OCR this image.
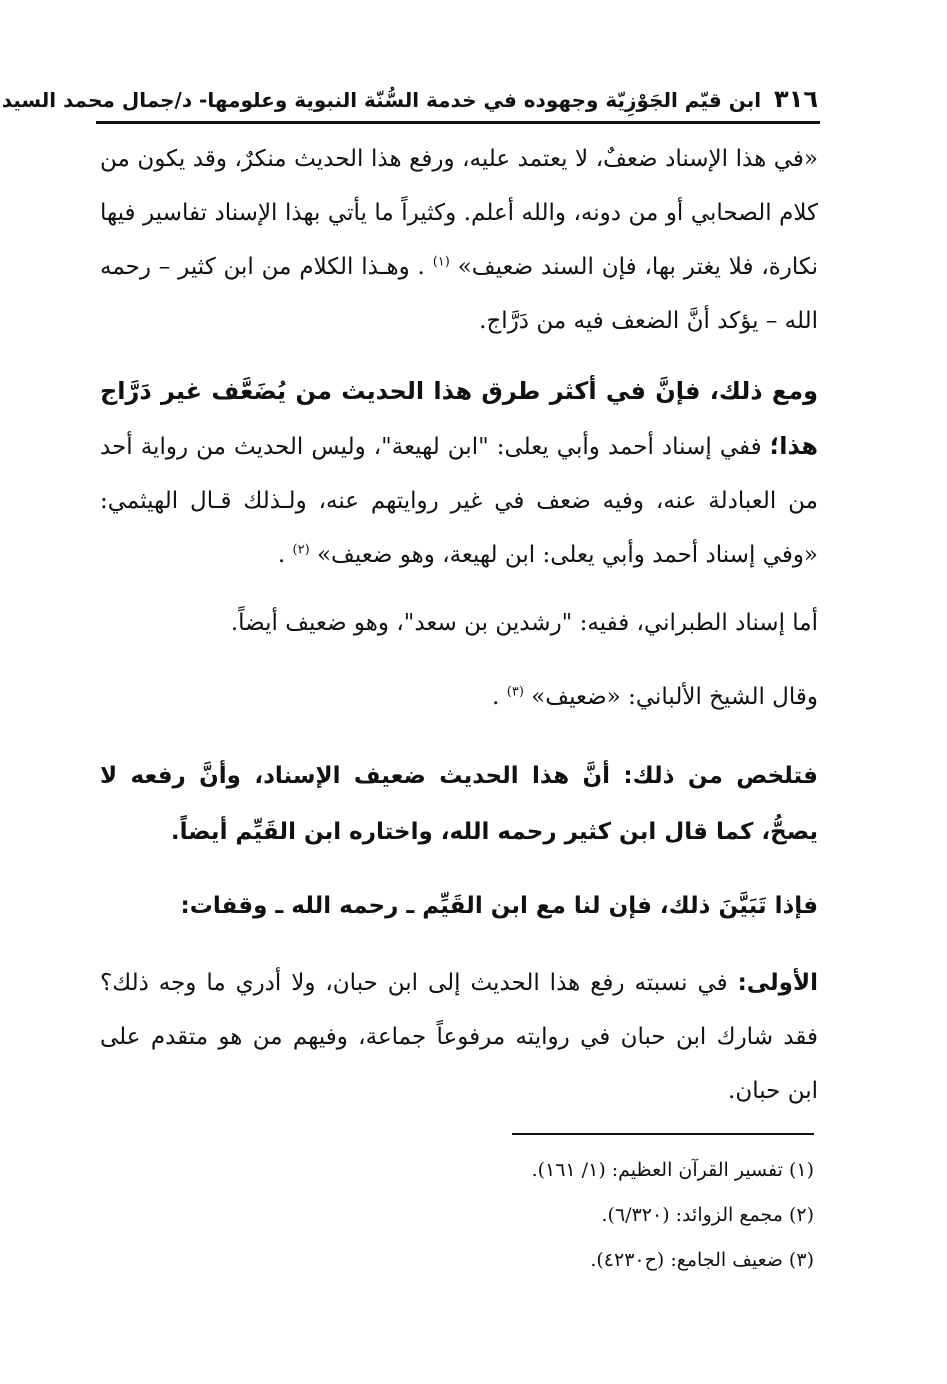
٣١٦ ابن قيّم الجَوْزِيّة وجهوده في خدمة السُّنّة النبوية وعلومها- د/جمال محمد السيد
«في هذا الإسناد ضعفٌ، لا يعتمد عليه، ورفع هذا الحديث منكرٌ، وقد يكون من كلام الصحابي أو من دونه، والله أعلم. وكثيراً ما يأتي بهذا الإسناد تفاسير فيها نكارة، فلا يغتر بها، فإن السند ضعيف» $^{(١)}$ . وهـذا الكلام من ابن كثير – رحمه الله – يؤكد أنَّ الضعف فيه من دَرَّاج.
ومع ذلك، فإنَّ في أكثر طرق هذا الحديث من يُضَعَّف غير دَرَّاج هذا؛ ففي إسناد أحمد وأبي يعلى: "ابن لهيعة"، وليس الحديث من رواية أحد من العبادلة عنه، وفيه ضعف في غير روايتهم عنه، ولـذلك قـال الهيثمي: «وفي إسناد أحمد وأبي يعلى: ابن لهيعة، وهو ضعيف» $^{(٢)}$ .
أما إسناد الطبراني، ففيه: "رشدين بن سعد"، وهو ضعيف أيضاً.
وقال الشيخ الألباني: «ضعيف» $^{(٣)}$ .
فتلخص من ذلك: أنَّ هذا الحديث ضعيف الإسناد، وأنَّ رفعه لا يصحُّ، كما قال ابن كثير رحمه الله، واختاره ابن القَيِّم أيضاً.
فإذا تَبَيَّنَ ذلك، فإن لنا مع ابن القَيِّم ـ رحمه الله ـ وقفات:
الأولى: في نسبته رفع هذا الحديث إلى ابن حبان، ولا أدري ما وجه ذلك؟ فقد شارك ابن حبان في روايته مرفوعاً جماعة، وفيهم من هو متقدم على ابن حبان.
(١) تفسير القرآن العظيم: (١/ ١٦١).
(٢) مجمع الزوائد: (٦/٣٢٠).
(٣) ضعيف الجامع: (ح٤٢٣٠).
